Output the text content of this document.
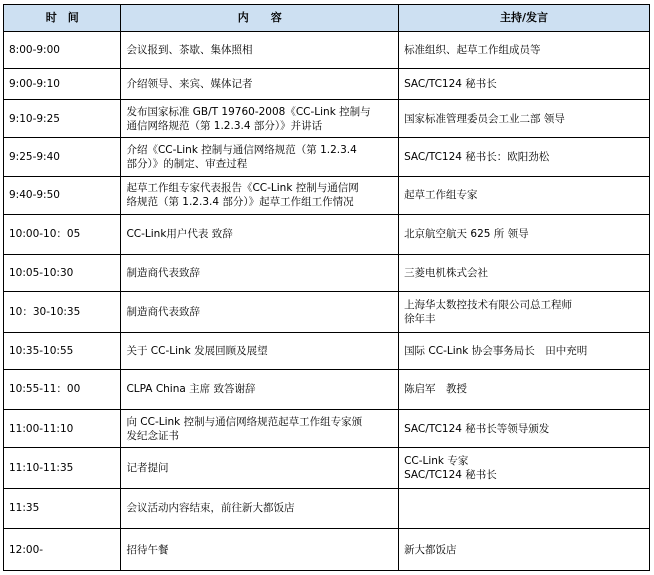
时　间	内　　容	主持/发言
8:00-9:00	会议报到、茶歇、集体照相	标准组织、起草工作组成员等
9:00-9:10	介绍领导、来宾、媒体记者	SAC/TC124 秘书长
9:10-9:25	发布国家标准 GB/T 19760-2008《CC-Link 控制与
通信网络规范（第 1.2.3.4 部分）》并讲话	国家标准管理委员会工业二部 领导
9:25-9:40	介绍《CC-Link 控制与通信网络规范（第 1.2.3.4
部分）》的制定、审查过程	SAC/TC124 秘书长：欧阳劲松
9:40-9:50	起草工作组专家代表报告《CC-Link 控制与通信网
络规范（第 1.2.3.4 部分）》起草工作组工作情况	起草工作组专家
10:00-10：05	CC-Link用户代表 致辞	北京航空航天 625 所 领导
10:05-10:30	制造商代表致辞	三菱电机株式会社
10：30-10:35	制造商代表致辞	上海华太数控技术有限公司总工程师
徐年丰
10:35-10:55	关于 CC-Link 发展回顾及展望	国际 CC-Link 协会事务局长　田中充明
10:55-11：00	CLPA China 主席 致答谢辞	陈启军　教授
11:00-11:10	向 CC-Link 控制与通信网络规范起草工作组专家颁
发纪念证书	SAC/TC124 秘书长等领导颁发
11:10-11:35	记者提问	CC-Link 专家
SAC/TC124 秘书长
11:35	会议活动内容结束，前往新大都饭店	
12:00-	招待午餐	新大都饭店
